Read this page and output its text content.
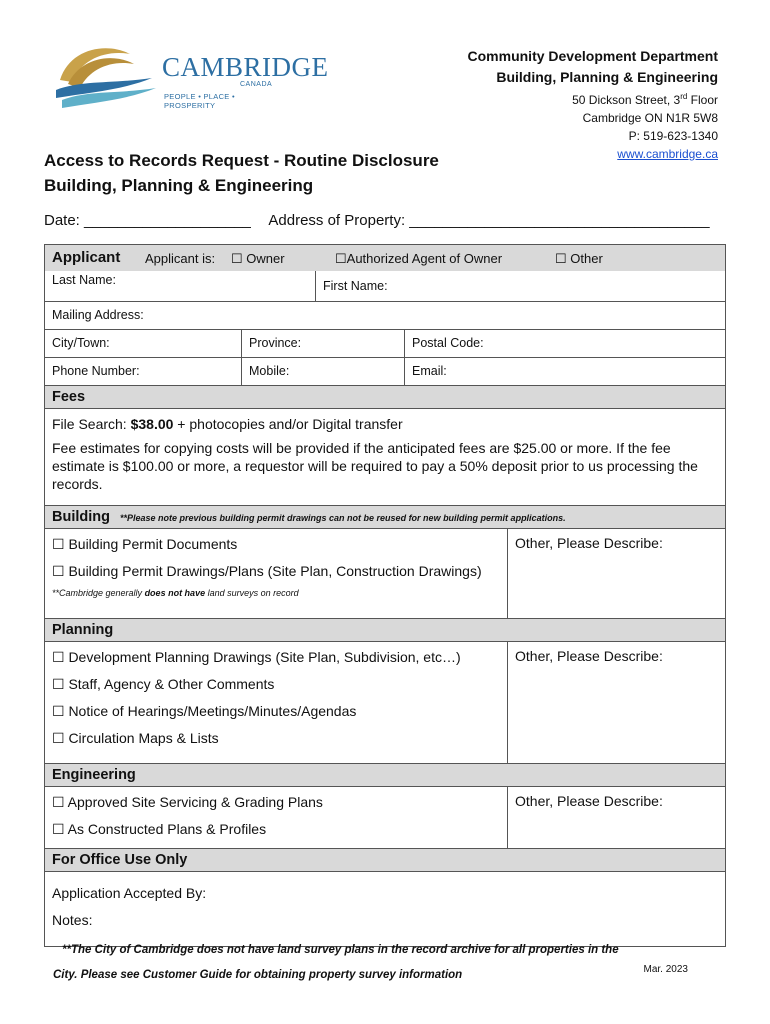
CAMBRIDGE
CANADA
PEOPLE • PLACE • PROSPERITY
Community Development Department
Building, Planning & Engineering
50 Dickson Street, 3rd Floor
Cambridge ON N1R 5W8
P: 519-623-1340
www.cambridge.ca
Access to Records Request - Routine Disclosure
Building, Planning & Engineering
Date: ____________________ Address of Property: ____________________________________
Applicant Applicant is: ☐ Owner	☐Authorized Agent of Owner	☐ Other
Last Name:	First Name:
Mailing Address:
City/Town:	Province:	Postal Code:
Phone Number:	Mobile:	Email:
Fees

File Search: $38.00 + photocopies and/or Digital transfer

Fee estimates for copying costs will be provided if the anticipated fees are $25.00 or more. If the fee estimate is $100.00 or more, a requestor will be required to pay a 50% deposit prior to us processing the records.

Building **Please note previous building permit drawings can not be reused for new building permit applications.
☐ Building Permit Documents
☐ Building Permit Drawings/Plans (Site Plan, Construction Drawings) **Cambridge generally does not have land surveys on record
Other, Please Describe:
Planning
☐ Development Planning Drawings (Site Plan, Subdivision, etc…)
☐ Staff, Agency & Other Comments
☐ Notice of Hearings/Meetings/Minutes/Agendas
☐ Circulation Maps & Lists
Other, Please Describe:
Engineering
☐ Approved Site Servicing & Grading Plans
☐ As Constructed Plans & Profiles
Other, Please Describe:
For Office Use Only
Application Accepted By:
Notes:
**The City of Cambridge does not have land survey plans in the record archive for all properties in the
City. Please see Customer Guide for obtaining property survey information	Mar. 2023
